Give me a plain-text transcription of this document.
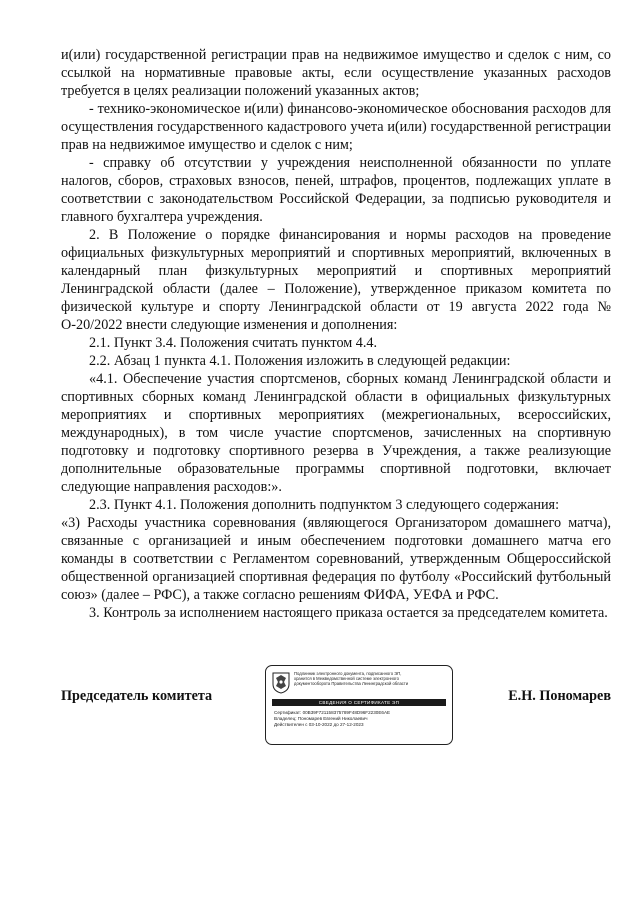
и(или) государственной регистрации прав на недвижимое имущество и сделок с ним, со ссылкой на нормативные правовые акты, если осуществление указанных расходов требуется в целях реализации положений указанных актов;

- технико-экономическое и(или) финансово-экономическое обоснования расходов для осуществления государственного кадастрового учета и(или) государственной регистрации прав на недвижимое имущество и сделок с ним;

- справку об отсутствии у учреждения неисполненной обязанности по уплате налогов, сборов, страховых взносов, пеней, штрафов, процентов, подлежащих уплате в соответствии с законодательством Российской Федерации, за подписью руководителя и главного бухгалтера учреждения.

2. В Положение о порядке финансирования и нормы расходов на проведение официальных физкультурных мероприятий и спортивных мероприятий, включенных в календарный план физкультурных мероприятий и спортивных мероприятий Ленинградской области (далее – Положение), утвержденное приказом комитета по физической культуре и спорту Ленинградской области от 19 августа 2022 года № О-20/2022 внести следующие изменения и дополнения:

2.1. Пункт 3.4. Положения считать пунктом 4.4.

2.2. Абзац 1 пункта 4.1. Положения изложить в следующей редакции:

«4.1. Обеспечение участия спортсменов, сборных команд Ленинградской области и спортивных сборных команд Ленинградской области в официальных физкультурных мероприятиях и спортивных мероприятиях (межрегиональных, всероссийских, международных), в том числе участие спортсменов, зачисленных на спортивную подготовку и подготовку спортивного резерва в Учреждения, а также реализующие дополнительные образовательные программы спортивной подготовки, включает следующие направления расходов:».

2.3. Пункт 4.1. Положения дополнить подпунктом 3 следующего содержания:

«3) Расходы участника соревнования (являющегося Организатором домашнего матча), связанные с организацией и иным обеспечением подготовки домашнего матча его команды в соответствии с Регламентом соревнований, утвержденным Общероссийской общественной организацией спортивная федерация по футболу «Российский футбольный союз» (далее – РФС), а также согласно решениям ФИФА, УЕФА и РФС.

3. Контроль за исполнением настоящего приказа остается за председателем комитета.

Председатель комитета
Подлинник электронного документа, подписанного ЭП,
хранится в Межведомственной системе электронного
документооборота Правительства Ленинградской области
СВЕДЕНИЯ О СЕРТИФИКАТЕ ЭП
Сертификат: 00B39F721158375789F48D96F2230E6AE
Владелец: Пономарев Евгений Николаевич
Действителен с 03-10-2022 до 27-12-2023
Е.Н. Пономарев
